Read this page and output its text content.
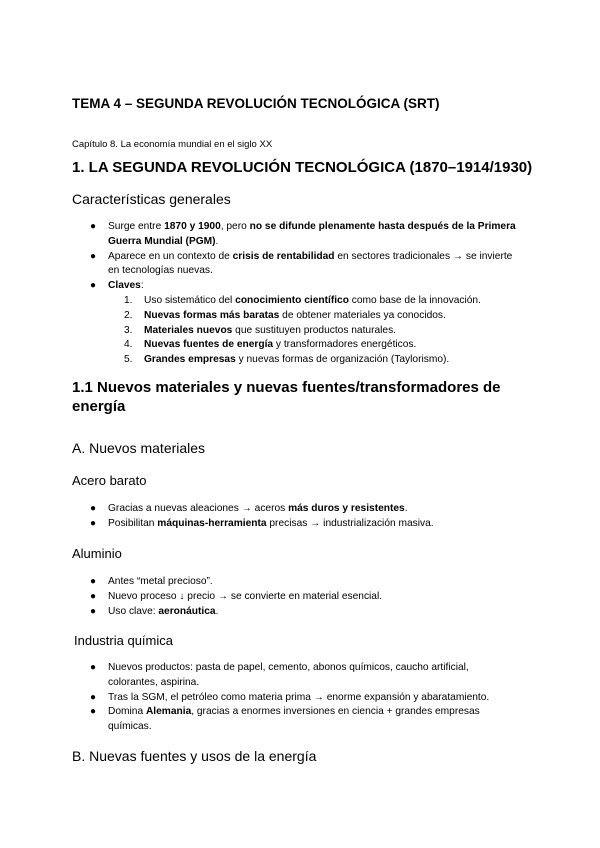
TEMA 4 – SEGUNDA REVOLUCIÓN TECNOLÓGICA (SRT)
Capítulo 8. La economía mundial en el siglo XX
1. LA SEGUNDA REVOLUCIÓN TECNOLÓGICA (1870–1914/1930)
Características generales
● Surge entre 1870 y 1900, pero no se difunde plenamente hasta después de la Primera Guerra Mundial (PGM).
● Aparece en un contexto de crisis de rentabilidad en sectores tradicionales → se invierte en tecnologías nuevas.
● Claves:
1. Uso sistemático del conocimiento científico como base de la innovación.
2. Nuevas formas más baratas de obtener materiales ya conocidos.
3. Materiales nuevos que sustituyen productos naturales.
4. Nuevas fuentes de energía y transformadores energéticos.
5. Grandes empresas y nuevas formas de organización (Taylorismo).
1.1 Nuevos materiales y nuevas fuentes/transformadores de energía
A. Nuevos materiales
Acero barato
● Gracias a nuevas aleaciones → aceros más duros y resistentes.
● Posibilitan máquinas-herramienta precisas → industrialización masiva.
Aluminio
● Antes “metal precioso”.
● Nuevo proceso ↓ precio → se convierte en material esencial.
● Uso clave: aeronáutica.
Industria química
● Nuevos productos: pasta de papel, cemento, abonos químicos, caucho artificial, colorantes, aspirina.
● Tras la SGM, el petróleo como materia prima → enorme expansión y abaratamiento.
● Domina Alemania, gracias a enormes inversiones en ciencia + grandes empresas químicas.
B. Nuevas fuentes y usos de la energía
